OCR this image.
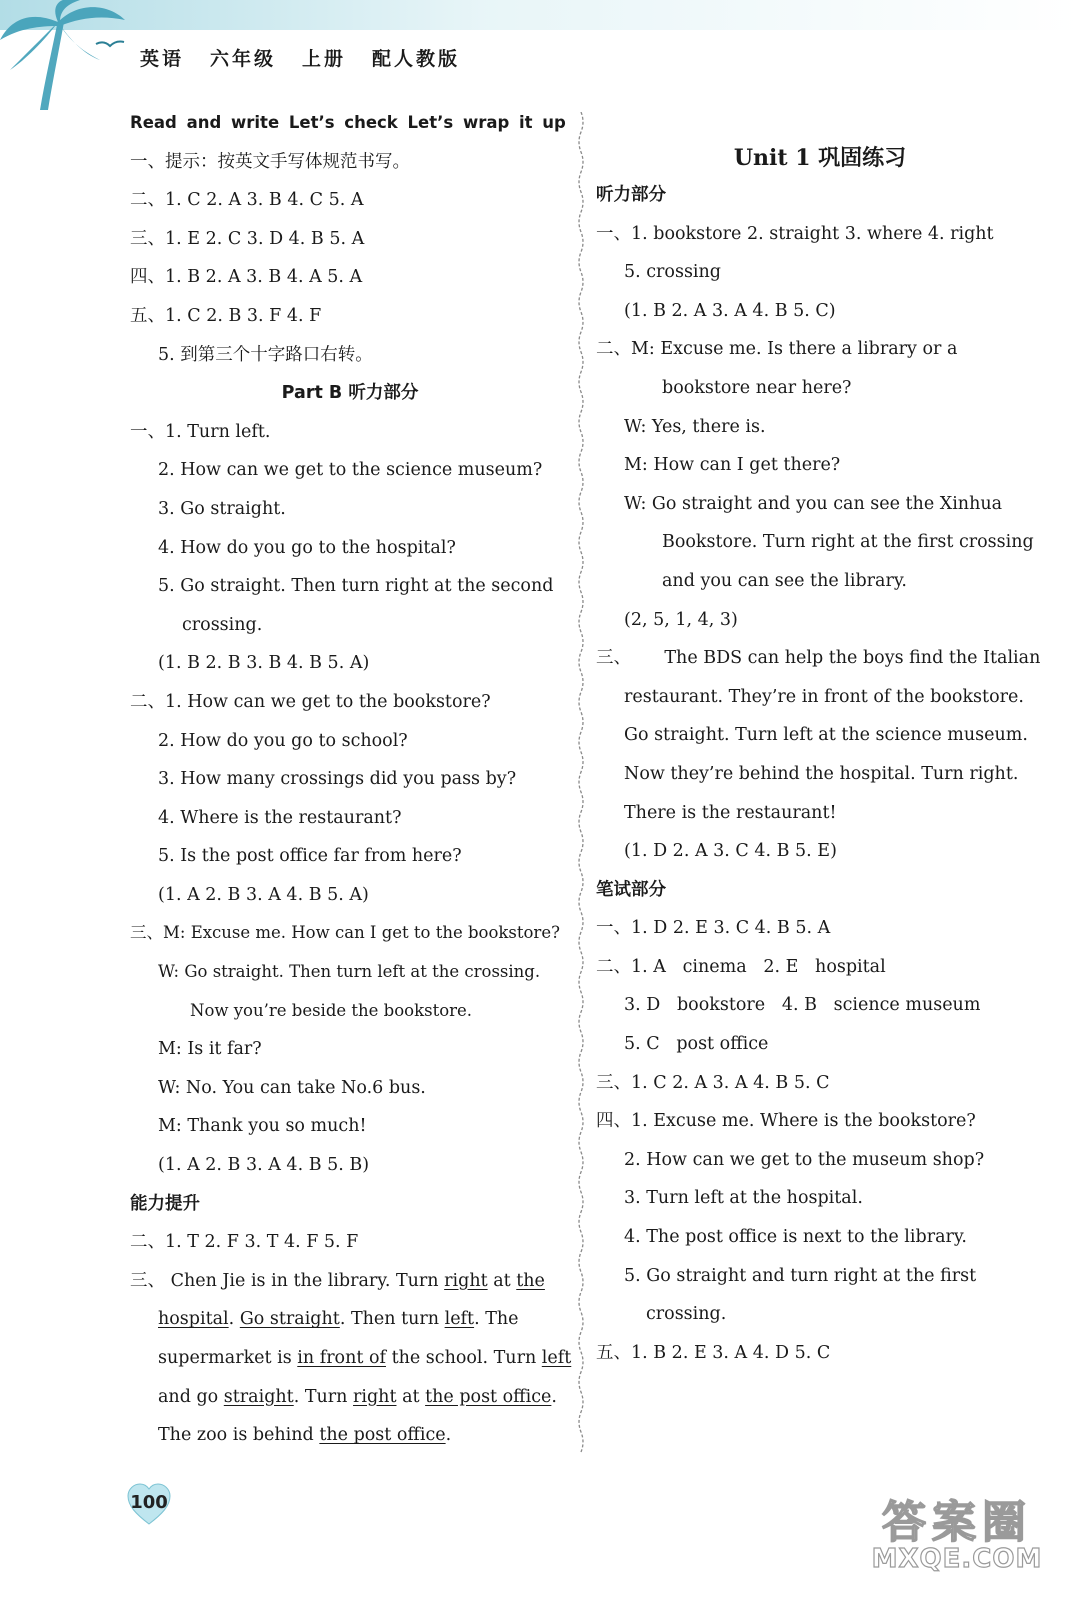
英语 六年级 上册 配人教版
Read and write Let’s check Let’s wrap it up
一、提示：按英文手写体规范书写。
二、1. C 2. A 3. B 4. C 5. A
三、1. E 2. C 3. D 4. B 5. A
四、1. B 2. A 3. B 4. A 5. A
五、1. C 2. B 3. F 4. F
5. 到第三个十字路口右转。
Part B 听力部分
一、1. Turn left.
2. How can we get to the science museum?
3. Go straight.
4. How do you go to the hospital?
5. Go straight. Then turn right at the second
crossing.
(1. B 2. B 3. B 4. B 5. A)
二、1. How can we get to the bookstore?
2. How do you go to school?
3. How many crossings did you pass by?
4. Where is the restaurant?
5. Is the post office far from here?
(1. A 2. B 3. A 4. B 5. A)
三、M: Excuse me. How can I get to the bookstore?
W: Go straight. Then turn left at the crossing.
Now you’re beside the bookstore.
M: Is it far?
W: No. You can take No.6 bus.
M: Thank you so much!
(1. A 2. B 3. A 4. B 5. B)
能力提升
二、1. T 2. F 3. T 4. F 5. F
三、 Chen Jie is in the library. Turn right at the
hospital. Go straight. Then turn left. The
supermarket is in front of the school. Turn left
and go straight. Turn right at the post office.
The zoo is behind the post office.
Unit 1 巩固练习
听力部分
一、1. bookstore 2. straight 3. where 4. right
5. crossing
(1. B 2. A 3. A 4. B 5. C)
二、M: Excuse me. Is there a library or a
bookstore near here?
W: Yes, there is.
M: How can I get there?
W: Go straight and you can see the Xinhua
Bookstore. Turn right at the first crossing
and you can see the library.
(2, 5, 1, 4, 3)
三、      The BDS can help the boys find the Italian
restaurant. They’re in front of the bookstore.
Go straight. Turn left at the science museum.
Now they’re behind the hospital. Turn right.
There is the restaurant!
(1. D 2. A 3. C 4. B 5. E)
笔试部分
一、1. D 2. E 3. C 4. B 5. A
二、1. A   cinema   2. E   hospital
3. D   bookstore   4. B   science museum
5. C   post office
三、1. C 2. A 3. A 4. B 5. C
四、1. Excuse me. Where is the bookstore?
2. How can we get to the museum shop?
3. Turn left at the hospital.
4. The post office is next to the library.
5. Go straight and turn right at the first
crossing.
五、1. B 2. E 3. A 4. D 5. C
100	答案圈
MXQE.COM
